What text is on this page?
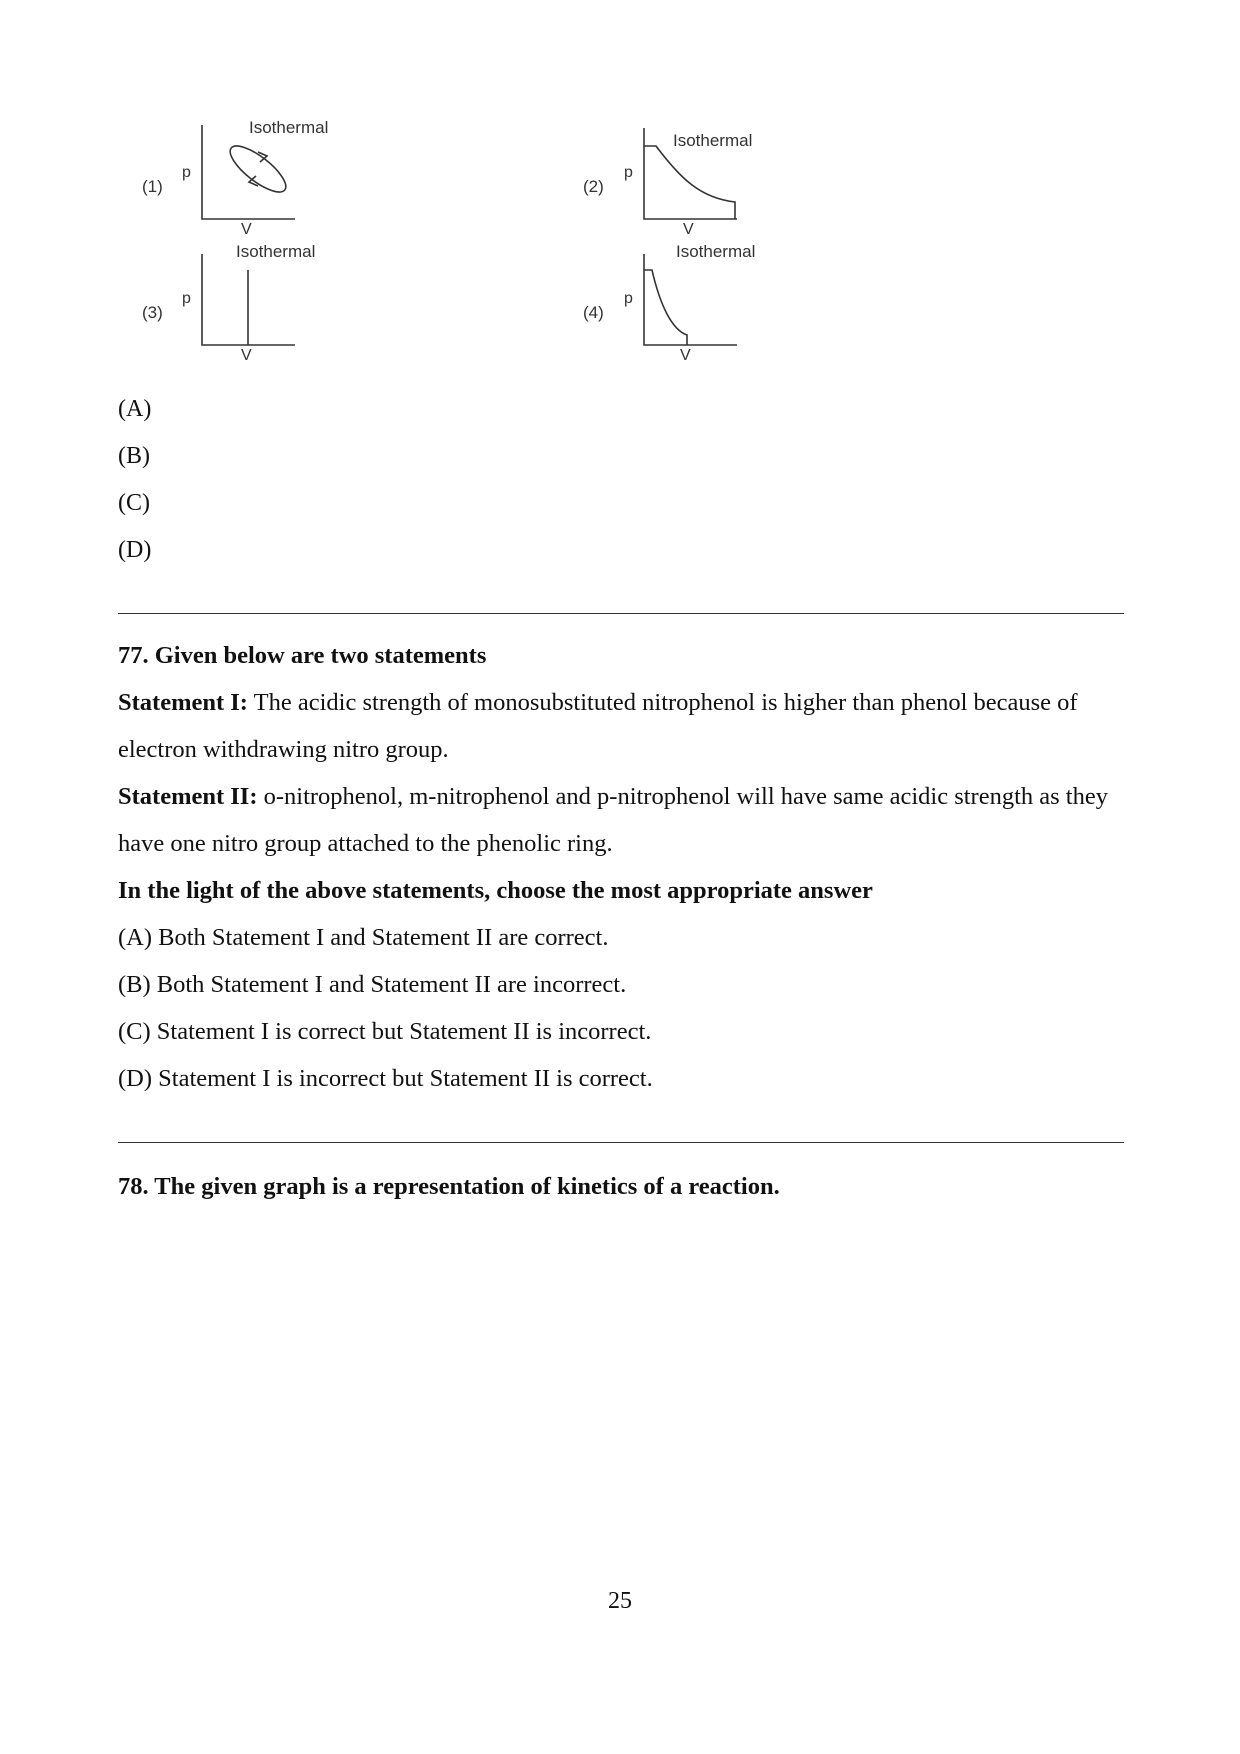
Isothermal
p
V
(1)
Isothermal
p
V
(2)
Isothermal
p
V
(3)
Isothermal
p
V
(4)
(A)
(B)
(C)
(D)

77. Given below are two statements

Statement I: The acidic strength of monosubstituted nitrophenol is higher than phenol because of electron withdrawing nitro group.

Statement II: o-nitrophenol, m-nitrophenol and p-nitrophenol will have same acidic strength as they have one nitro group attached to the phenolic ring.

In the light of the above statements, choose the most appropriate answer

(A) Both Statement I and Statement II are correct.

(B) Both Statement I and Statement II are incorrect.

(C) Statement I is correct but Statement II is incorrect.

(D) Statement I is incorrect but Statement II is correct.

78. The given graph is a representation of kinetics of a reaction.
25
